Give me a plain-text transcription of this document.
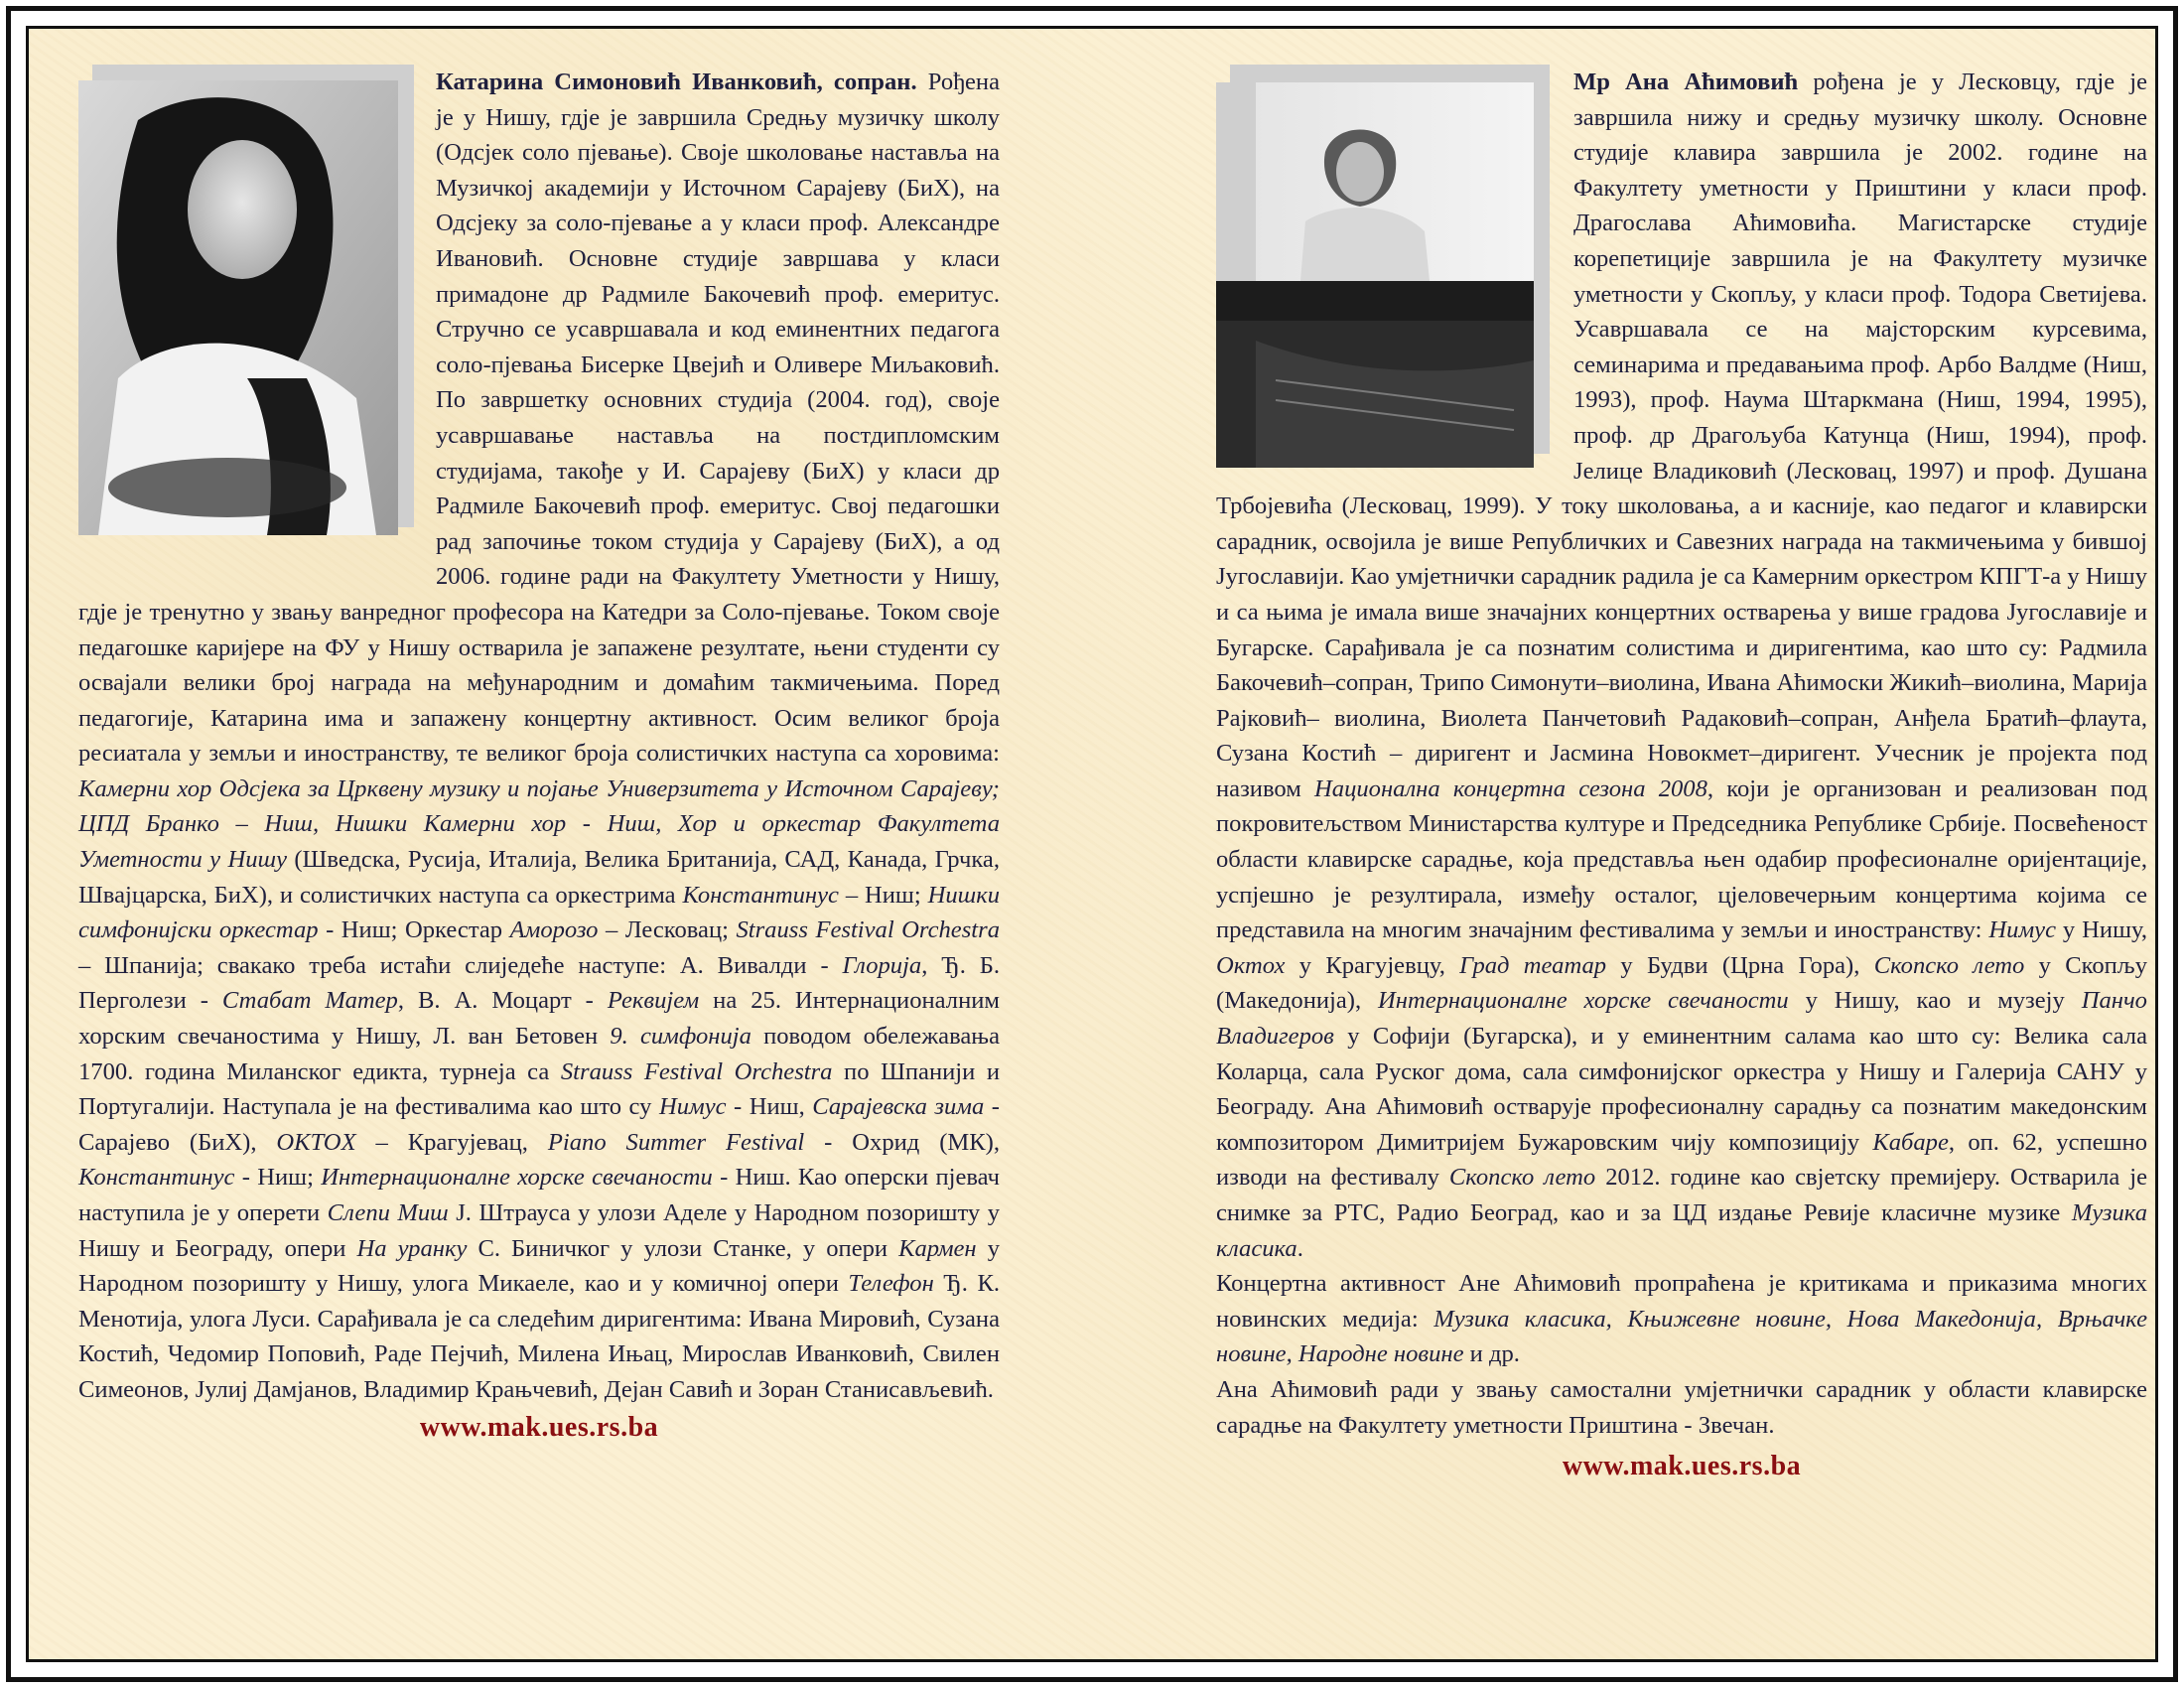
Катарина Симоновић Иванковић, сопран. Рођена је у Нишу, гдје је завршила Средњу музичку школу (Одсјек соло пјевање). Своје школовање наставља на Музичкој академији у Источном Сарајеву (БиХ), на Одсјеку за соло-пјевање а у класи проф. Александре Ивановић. Основне студије завршава у класи примадоне др Радмиле Бакочевић проф. емеритус. Стручно се усавршавала и код еминентних педагога соло-пјевања Бисерке Цвејић и Оливере Миљаковић. По завршетку основних студија (2004. год), своје усавршавање наставља на постдипломским студијама, такође у И. Сарајеву (БиХ) у класи др Радмиле Бакочевић проф. емеритус. Свој педагошки рад започиње током студија у Сарајеву (БиХ), а од 2006. године ради на Факултету Уметности у Нишу, гдје је тренутно у звању ванредног професора на Катедри за Соло-пјевање. Током своје педагошке каријере на ФУ у Нишу остварила је запажене резултате, њени студенти су освајали велики број награда на међународним и домаћим такмичењима. Поред педагогије, Катарина има и запажену концертну активност. Осим великог броја ресиатала у земљи и иностранству, те великог броја солистичких наступа са хоровима: Камерни хор Одсјека за Црквену музику и појање Универзитета у Источном Сарајеву; ЦПД Бранко – Ниш, Нишки Камерни хор - Ниш, Хор и оркестар Факултета Уметности у Нишу (Шведска, Русија, Италија, Велика Британија, САД, Канада, Грчка, Швајцарска, БиХ), и солистичких наступа са оркестрима Константинус – Ниш; Нишки симфонијски оркестар - Ниш; Оркестар Аморозо – Лесковац; Strauss Festival Orchestra – Шпанија; свакако треба истаћи слиједеће наступе: А. Вивалди - Глорија, Ђ. Б. Перголези - Стабат Матер, В. А. Моцарт - Реквијем на 25. Интернационалним хорским свечаностима у Нишу, Л. ван Бетовен 9. симфонија поводом обележавања 1700. година Миланског едикта, турнеја са Strauss Festival Orchestra по Шпанији и Португалији. Наступала је на фестивалима као што су Нимус - Ниш, Сарајевска зима - Сарајево (БиХ), OKTOX – Крагујевац, Piano Summer Festival - Охрид (МК), Константинус - Ниш; Интернационалне хорске свечаности - Ниш. Као оперски пјевач наступила је у оперети Слепи Миш Ј. Штрауса у улози Аделе у Народном позоришту у Нишу и Београду, опери На уранку С. Биничког у улози Станке, у опери Кармен у Народном позоришту у Нишу, улога Микаеле, као и у комичној опери Телефон Ђ. К. Менотија, улога Луси. Сарађивала је са следећим диригентима: Ивана Мировић, Сузана Костић, Чедомир Поповић, Раде Пејчић, Милена Ињац, Мирослав Иванковић, Свилен Симеонов, Јулиј Дамјанов, Владимир Крањчевић, Дејан Савић и Зоран Станисављевић.

www.mak.ues.rs.ba

Мр Ана Аћимовић рођена је у Лесковцу, гдје је завршила нижу и средњу музичку школу. Основне студије клавира завршила је 2002. године на Факултету уметности у Приштини у класи проф. Драгослава Аћимовића. Магистарске студије корепетиције завршила је на Факултету музичке уметности у Скопљу, у класи проф. Тодора Светијева. Усавршавала се на мајсторским курсевима, семинарима и предавањима проф. Арбо Валдме (Ниш, 1993), проф. Наума Штаркмана (Ниш, 1994, 1995), проф. др Драгољуба Катунца (Ниш, 1994), проф. Јелице Владиковић (Лесковац, 1997) и проф. Душана Трбојевића (Лесковац, 1999). У току школовања, а и касније, као педагог и клавирски сарадник, освојила је више Републичких и Савезних награда на такмичењима у бившој Југославији. Као умјетнички сарадник радила је са Камерним оркестром КПГТ-а у Нишу и са њима је имала више значајних концертних остварења у више градова Југославије и Бугарске. Сарађивала је са познатим солистима и диригентима, као што су: Радмила Бакочевић–сопран, Трипо Симонути–виолина, Ивана Аћимоски Жикић–виолина, Марија Рајковић– виолина, Виолета Панчетовић Радаковић–сопран, Анђела Братић–флаута, Сузана Костић – диригент и Јасмина Новокмет–диригент. Учесник је пројекта под називом Национална концертна сезона 2008, који је организован и реализован под покровитељством Министарства културе и Председника Републике Србије. Посвећеност области клавирске сарадње, која представља њен одабир професионалне оријентације, успјешно је резултирала, између осталог, цјеловечерњим концертима којима се представила на многим значајним фестивалима у земљи и иностранству: Нимус у Нишу, Октох у Крагујевцу, Град театар у Будви (Црна Гора), Скопско лето у Скопљу (Македонија), Интернационалне хорске свечаности у Нишу, као и музеју Панчо Владигеров у Софији (Бугарска), и у еминентним салама као што су: Велика сала Коларца, сала Руског дома, сала симфонијског оркестра у Нишу и Галерија САНУ у Београду. Ана Аћимовић остварује професионалну сарадњу са познатим македонским композитором Димитријем Бужаровским чију композицију Кабаре, оп. 62, успешно изводи на фестивалу Скопско лето 2012. године као свјетску премијеру. Остварила је снимке за РТС, Радио Београд, као и за ЦД издање Ревије класичне музике Музика класика.
Концертна активност Ане Аћимовић пропраћена је критикама и приказима многих новинских медија: Музика класика, Књижевне новине, Нова Македонија, Врњачке новине, Народне новине и др.
Ана Аћимовић ради у звању самостални умјетнички сарадник у области клавирске сарадње на Факултету уметности Приштина - Звечан.

www.mak.ues.rs.ba
